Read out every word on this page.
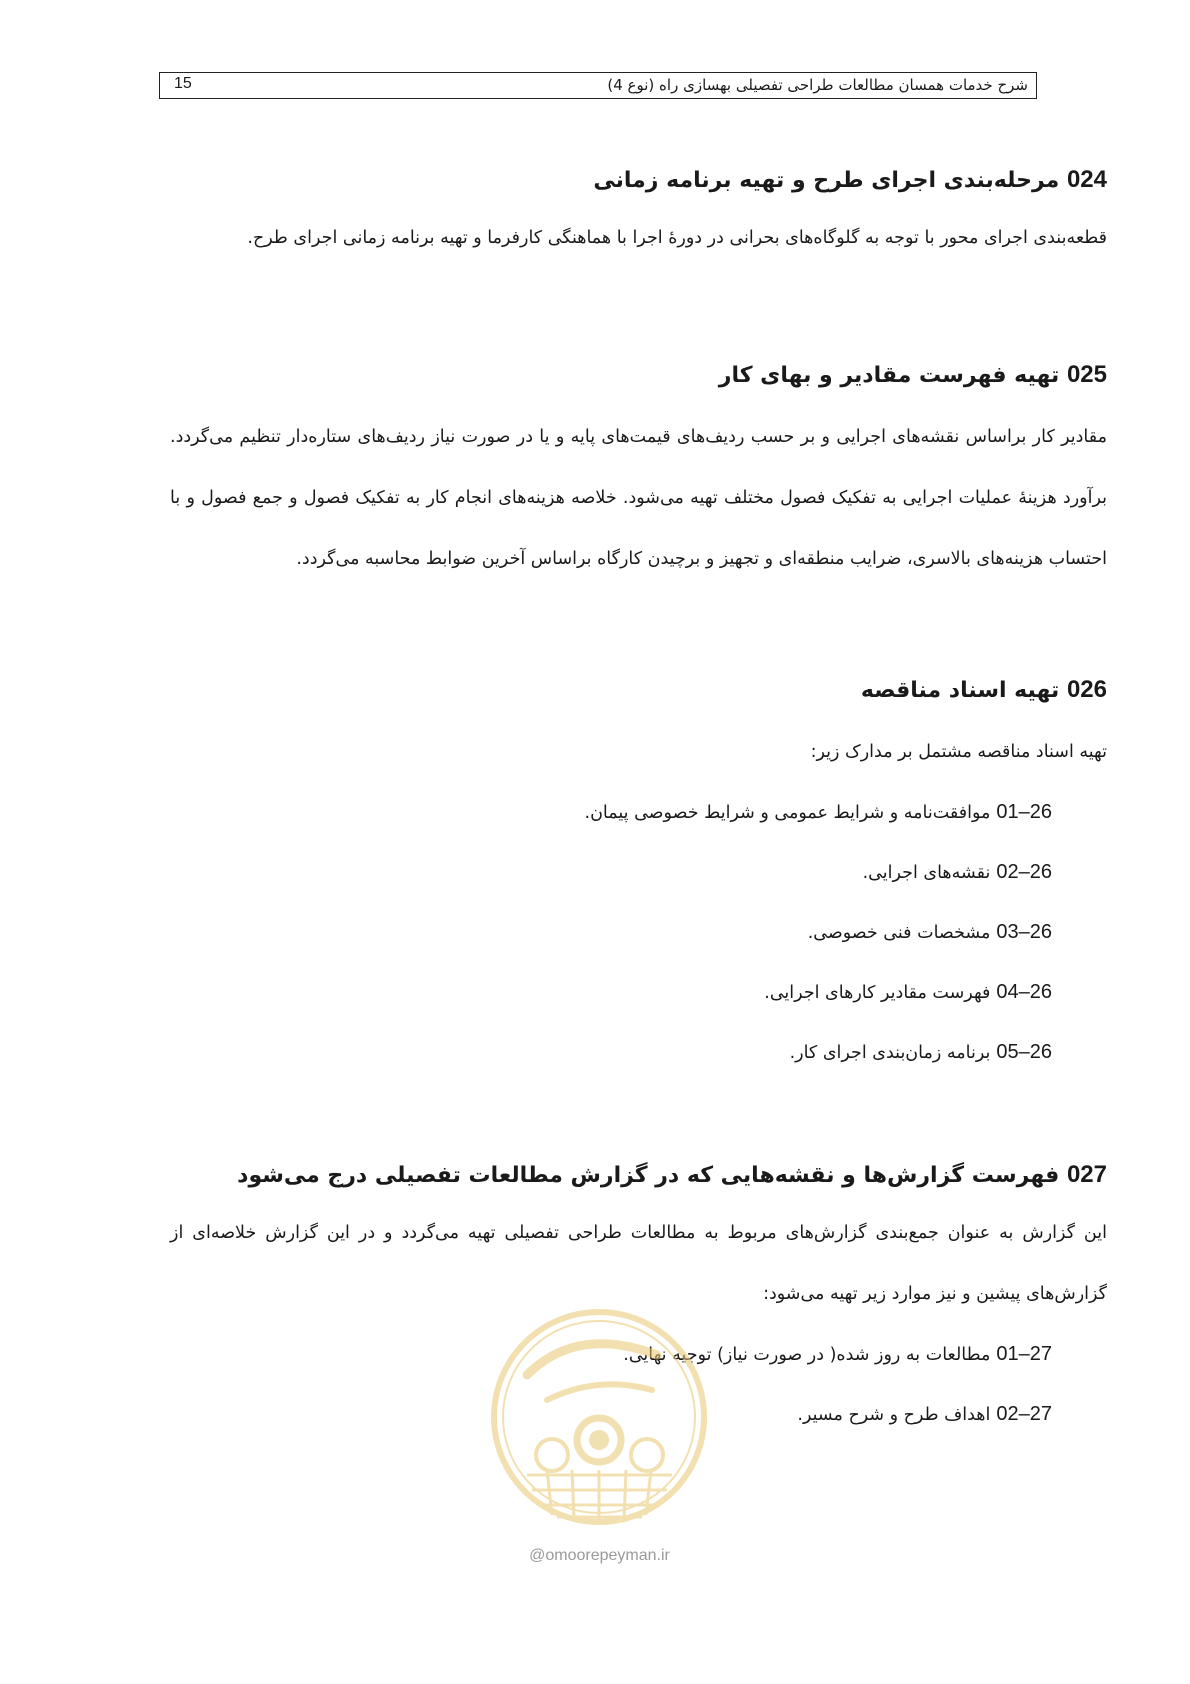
شرح خدمات همسان مطالعات طراحی تفصیلی بهسازی راه (نوع 4)
15
024 مرحله‌بندی اجرای طرح و تهیه برنامه زمانی

قطعه‌بندی اجرای محور با توجه به گلوگاه‌های بحرانی در دورهٔ اجرا با هماهنگی کارفرما و تهیه برنامه زمانی اجرای طرح.

025 تهیه فهرست مقادیر و بهای کار

مقادیر کار براساس نقشه‌های اجرایی و بر حسب ردیف‌های قیمت‌های پایه و یا در صورت نیاز ردیف‌های ستاره‌دار تنظیم می‌گردد. برآورد هزینهٔ عملیات اجرایی به تفکیک فصول مختلف تهیه می‌شود. خلاصه هزینه‌های انجام کار به تفکیک فصول و جمع فصول و با احتساب هزینه‌های بالاسری، ضرایب منطقه‌ای و تجهیز و برچیدن کارگاه براساس آخرین ضوابط محاسبه می‌گردد.

026 تهیه اسناد مناقصه

تهیه اسناد مناقصه مشتمل بر مدارک زیر:

26–01موافقت‌نامه و شرایط عمومی و شرایط خصوصی پیمان.
26–02نقشه‌های اجرایی.
26–03مشخصات فنی خصوصی.
26–04فهرست مقادیر کارهای اجرایی.
26–05برنامه زمان‌بندی اجرای کار.
027 فهرست گزارش‌ها و نقشه‌هایی که در گزارش مطالعات تفصیلی درج می‌شود

این گزارش به عنوان جمع‌بندی گزارش‌های مربوط به مطالعات طراحی تفصیلی تهیه می‌گردد و در این گزارش خلاصه‌ای از گزارش‌های پیشین و نیز موارد زیر تهیه می‌شود:

27–01مطالعات به روز شده( در صورت نیاز) توجیه نهایی.
27–02اهداف طرح و شرح مسیر.
@omoorepeyman.ir
